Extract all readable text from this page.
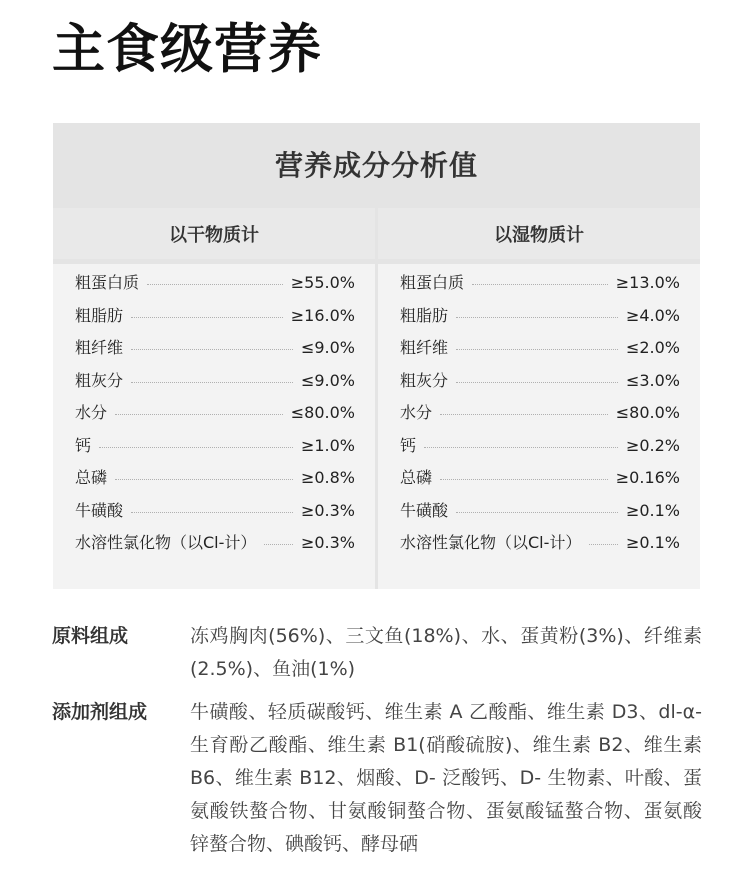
主食级营养
营养成分分析值
以干物质计
粗蛋白质	≥55.0%
粗脂肪	≥16.0%
粗纤维	≤9.0%
粗灰分	≤9.0%
水分	≤80.0%
钙	≥1.0%
总磷	≥0.8%
牛磺酸	≥0.3%
水溶性氯化物（以Cl-计）	≥0.3%
以湿物质计
粗蛋白质	≥13.0%
粗脂肪	≥4.0%
粗纤维	≤2.0%
粗灰分	≤3.0%
水分	≤80.0%
钙	≥0.2%
总磷	≥0.16%
牛磺酸	≥0.1%
水溶性氯化物（以Cl-计）	≥0.1%
原料组成	冻鸡胸肉(56%)、三文鱼(18%)、水、蛋黄粉(3%)、纤维素(2.5%)、鱼油(1%)
添加剂组成	牛磺酸、轻质碳酸钙、维生素 A 乙酸酯、维生素 D3、dl-α-生育酚乙酸酯、维生素 B1(硝酸硫胺)、维生素 B2、维生素 B6、维生素 B12、烟酸、D- 泛酸钙、D- 生物素、叶酸、蛋氨酸铁螯合物、甘氨酸铜螯合物、蛋氨酸锰螯合物、蛋氨酸锌螯合物、碘酸钙、酵母硒
